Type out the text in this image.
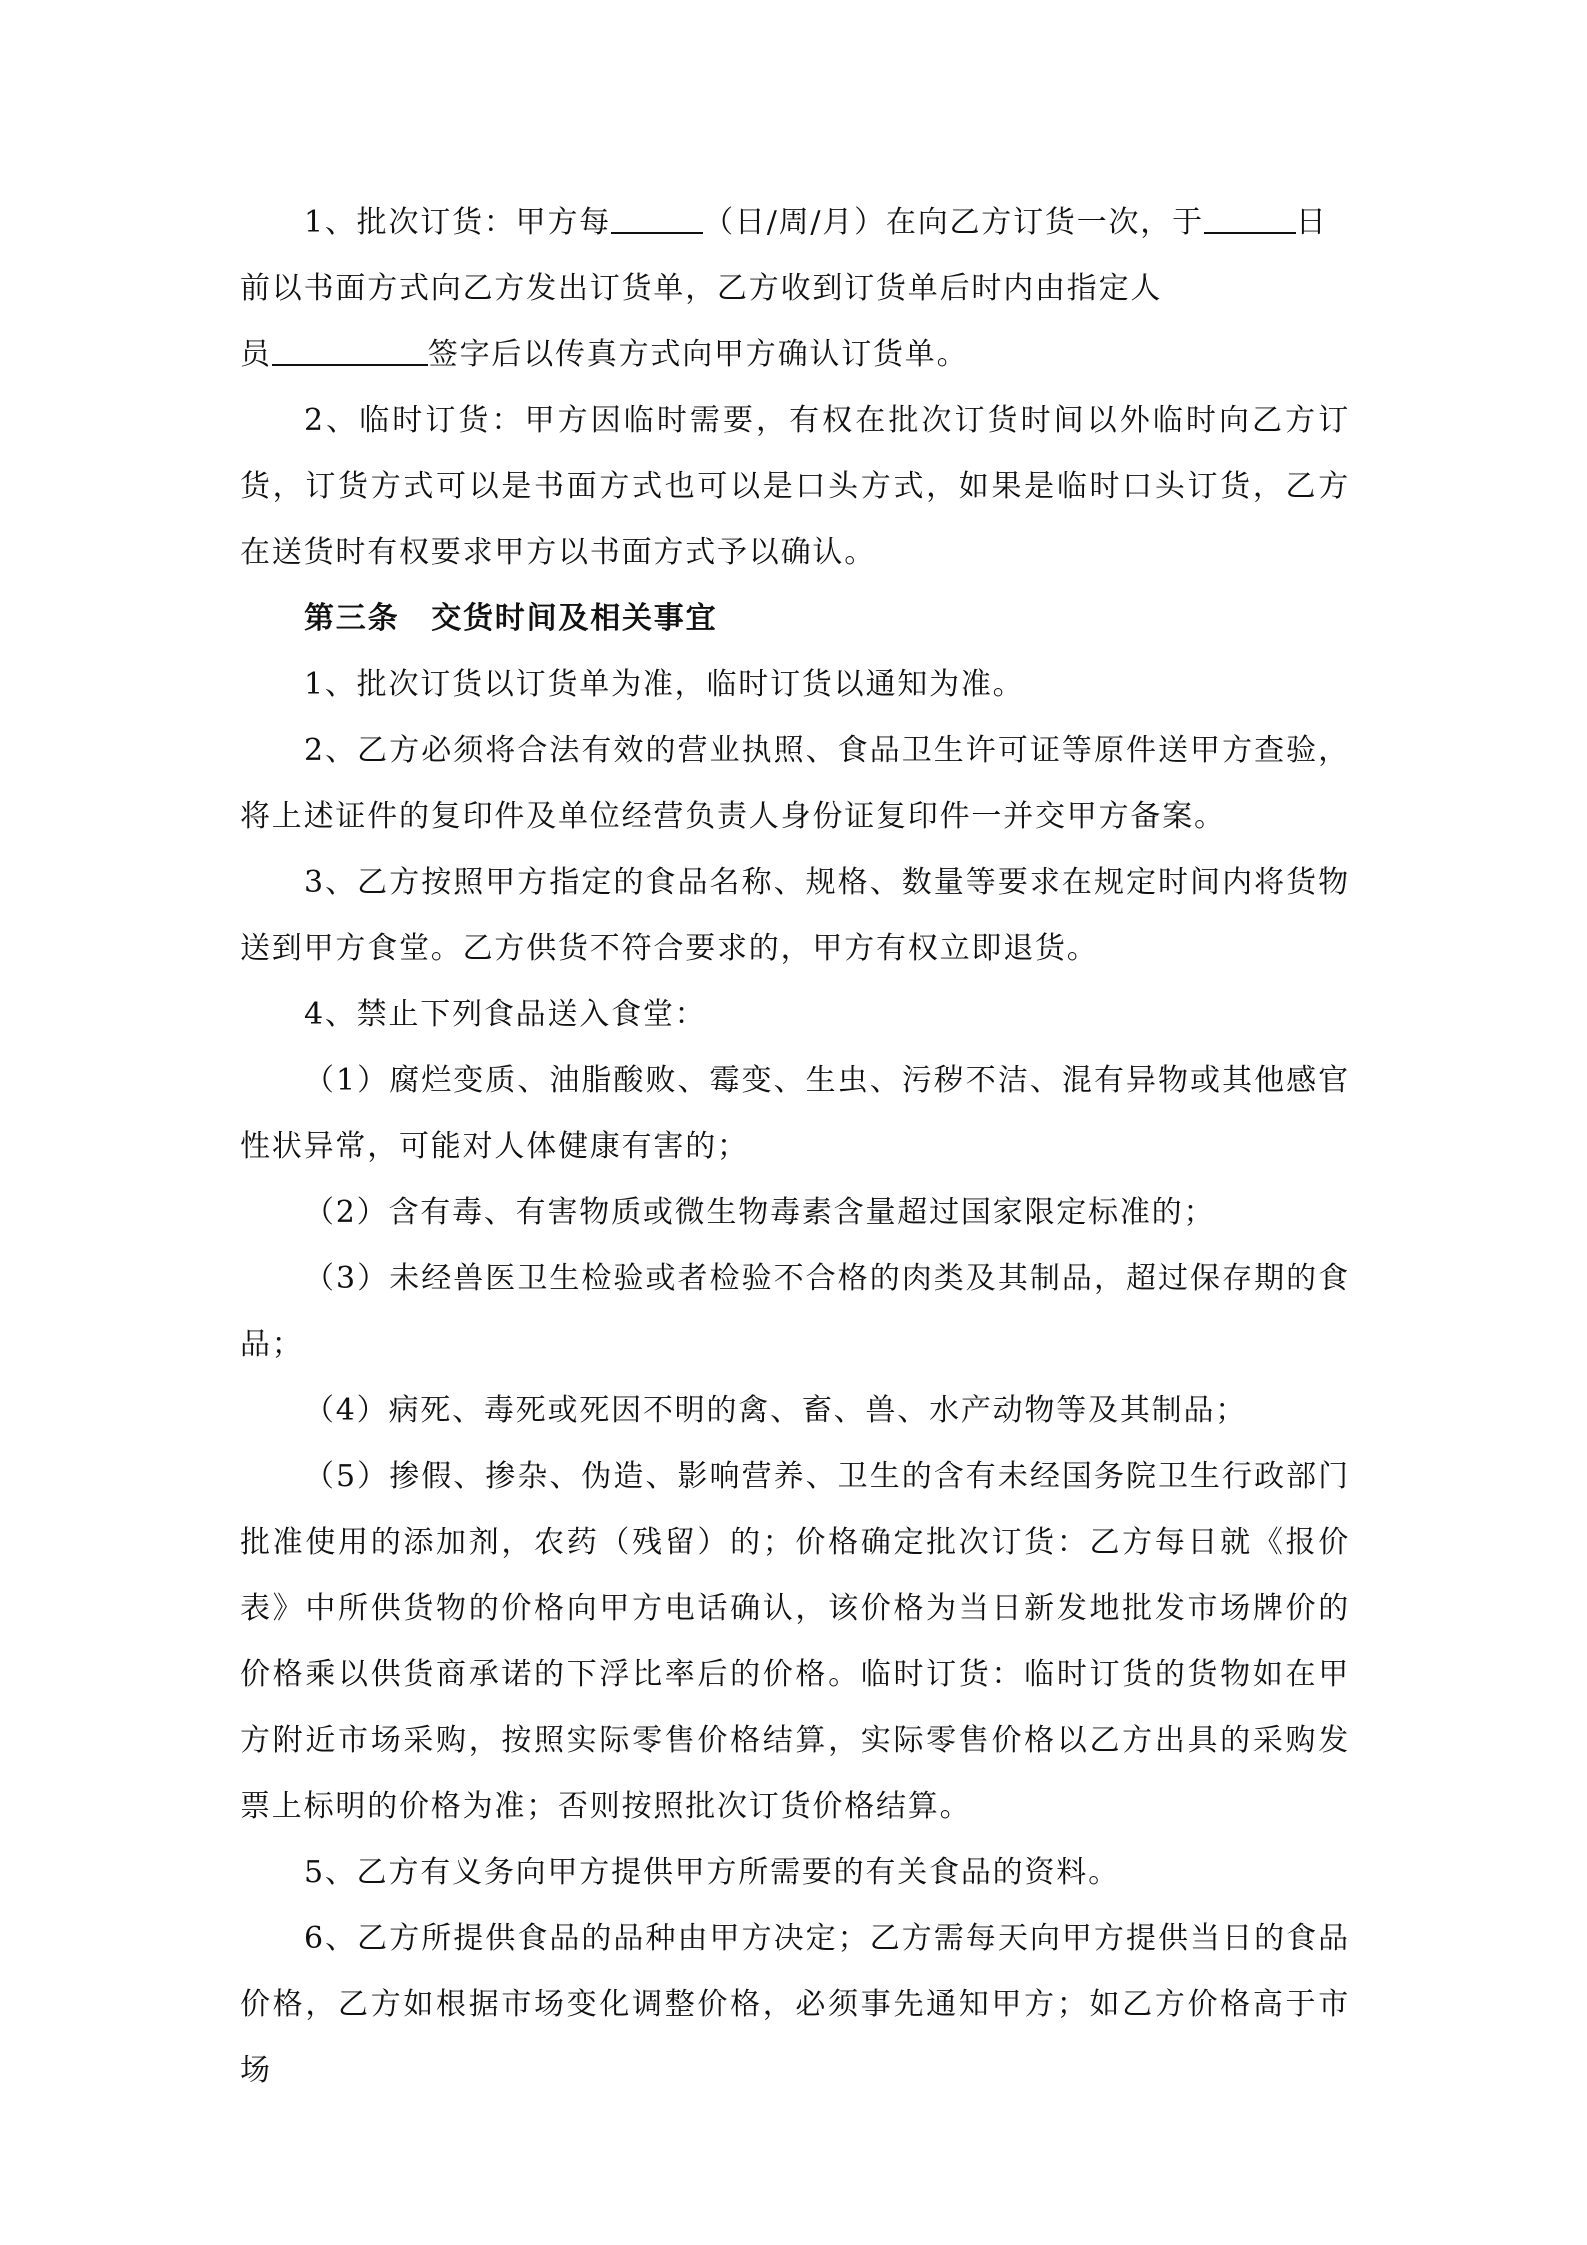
1、批次订货：甲方每	（日/周/月）在向乙方订货一次，于	日
前以书面方式向乙方发出订货单，乙方收到订货单后时内由指定人
员	签字后以传真方式向甲方确认订货单。

2、临时订货：甲方因临时需要，有权在批次订货时间以外临时向乙方订货，订货方式可以是书面方式也可以是口头方式，如果是临时口头订货，乙方在送货时有权要求甲方以书面方式予以确认。

第三条　交货时间及相关事宜

1、批次订货以订货单为准，临时订货以通知为准。

2、乙方必须将合法有效的营业执照、食品卫生许可证等原件送甲方查验，将上述证件的复印件及单位经营负责人身份证复印件一并交甲方备案。

3、乙方按照甲方指定的食品名称、规格、数量等要求在规定时间内将货物送到甲方食堂。乙方供货不符合要求的，甲方有权立即退货。

4、禁止下列食品送入食堂：

（1）腐烂变质、油脂酸败、霉变、生虫、污秽不洁、混有异物或其他感官性状异常，可能对人体健康有害的；

（2）含有毒、有害物质或微生物毒素含量超过国家限定标准的；

（3）未经兽医卫生检验或者检验不合格的肉类及其制品，超过保存期的食品；

（4）病死、毒死或死因不明的禽、畜、兽、水产动物等及其制品；

（5）掺假、掺杂、伪造、影响营养、卫生的含有未经国务院卫生行政部门批准使用的添加剂，农药（残留）的；价格确定批次订货：乙方每日就《报价表》中所供货物的价格向甲方电话确认，该价格为当日新发地批发市场牌价的价格乘以供货商承诺的下浮比率后的价格。临时订货：临时订货的货物如在甲方附近市场采购，按照实际零售价格结算，实际零售价格以乙方出具的采购发票上标明的价格为准；否则按照批次订货价格结算。

5、乙方有义务向甲方提供甲方所需要的有关食品的资料。

6、乙方所提供食品的品种由甲方决定；乙方需每天向甲方提供当日的食品价格，乙方如根据市场变化调整价格，必须事先通知甲方；如乙方价格高于市场
